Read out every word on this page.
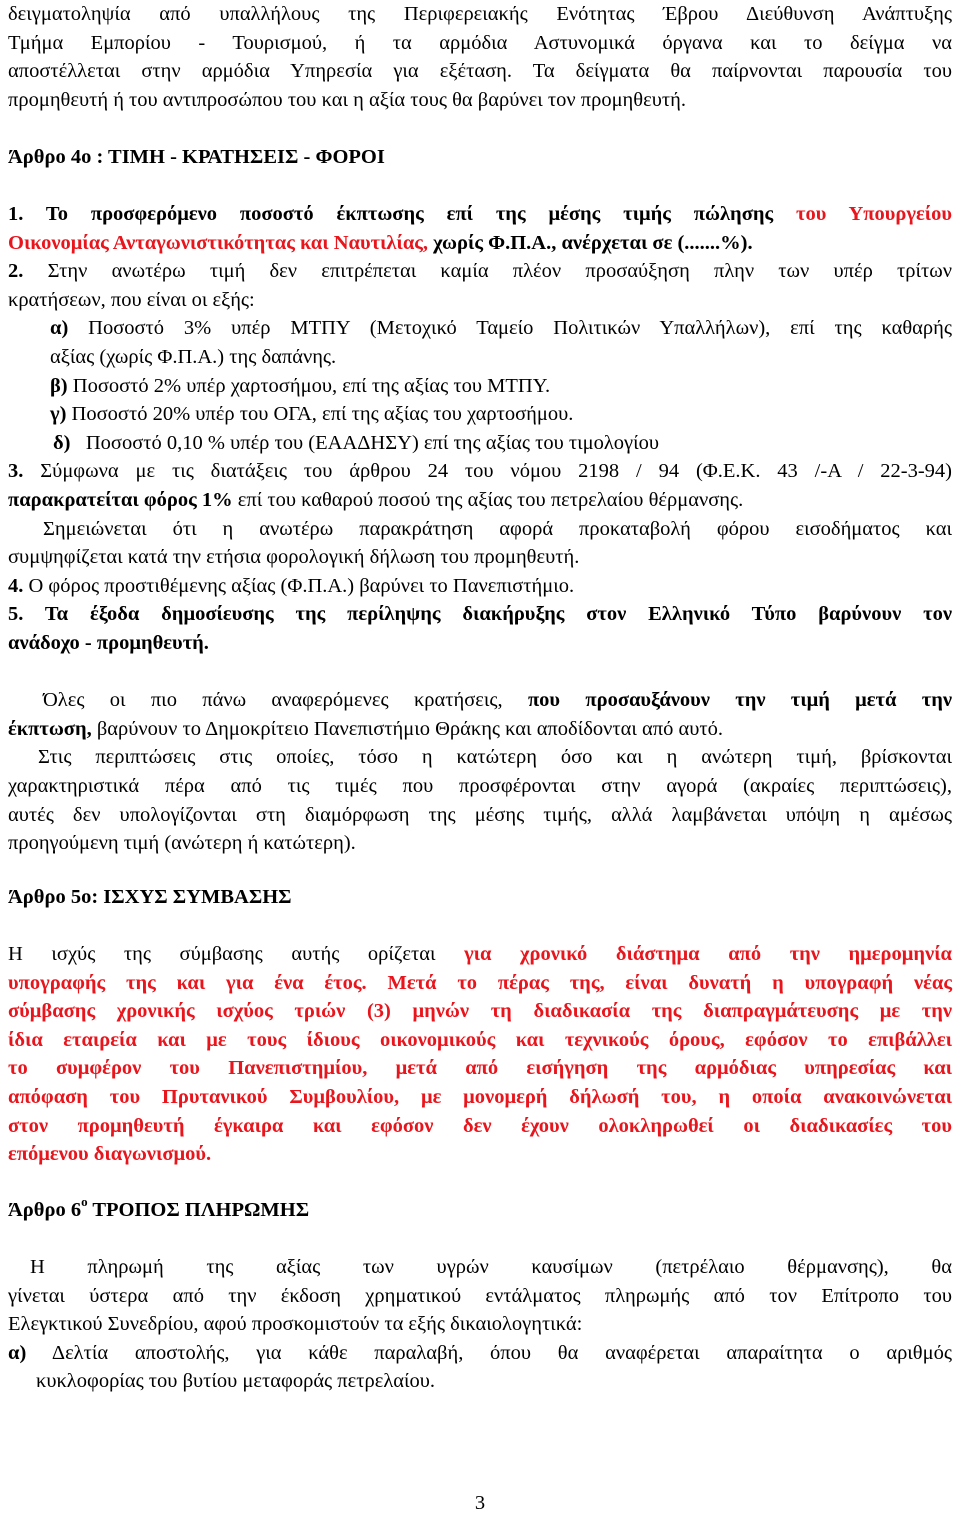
δειγματοληψία από υπαλλήλους της Περιφερειακής Ενότητας Έβρου Διεύθυνση Ανάπτυξης
Τμήμα Εμπορίου - Τουρισμού, ή τα αρμόδια Αστυνομικά όργανα και το δείγμα να
αποστέλλεται στην αρμόδια Υπηρεσία για εξέταση. Τα δείγματα θα παίρνονται παρουσία του
προμηθευτή ή του αντιπροσώπου του και η αξία τους θα βαρύνει τον προμηθευτή.
Άρθρο 4ο : ΤΙΜΗ - ΚΡΑΤΗΣΕΙΣ - ΦΟΡΟΙ
1. Το προσφερόμενο ποσοστό έκπτωσης επί της μέσης τιμής πώλησης του Υπουργείου
Οικονομίας Ανταγωνιστικότητας και Ναυτιλίας, χωρίς Φ.Π.Α., ανέρχεται σε (.......%).
2. Στην ανωτέρω τιμή δεν επιτρέπεται καμία πλέον προσαύξηση πλην των υπέρ τρίτων
κρατήσεων, που είναι οι εξής:
α) Ποσοστό 3% υπέρ ΜΤΠΥ (Μετοχικό Ταμείο Πολιτικών Υπαλλήλων), επί της καθαρής
αξίας (χωρίς Φ.Π.Α.) της δαπάνης.
β) Ποσοστό 2% υπέρ χαρτοσήμου, επί της αξίας του ΜΤΠΥ.
γ) Ποσοστό 20% υπέρ του ΟΓΑ, επί της αξίας του χαρτοσήμου.
δ) Ποσοστό 0,10 % υπέρ του (ΕΑΑΔΗΣΥ) επί της αξίας του τιμολογίου
3. Σύμφωνα με τις διατάξεις του άρθρου 24 του νόμου 2198 / 94 (Φ.Ε.Κ. 43 /-Α / 22-3-94)
παρακρατείται φόρος 1% επί του καθαρού ποσού της αξίας του πετρελαίου θέρμανσης.
Σημειώνεται ότι η ανωτέρω παρακράτηση αφορά προκαταβολή φόρου εισοδήματος και
συμψηφίζεται κατά την ετήσια φορολογική δήλωση του προμηθευτή.
4. Ο φόρος προστιθέμενης αξίας (Φ.Π.Α.) βαρύνει το Πανεπιστήμιο.
5. Τα έξοδα δημοσίευσης της περίληψης διακήρυξης στον Ελληνικό Τύπο βαρύνουν τον
ανάδοχο - προμηθευτή.
Όλες οι πιο πάνω αναφερόμενες κρατήσεις, που προσαυξάνουν την τιμή μετά την
έκπτωση, βαρύνουν το Δημοκρίτειο Πανεπιστήμιο Θράκης και αποδίδονται από αυτό.
Στις περιπτώσεις στις οποίες, τόσο η κατώτερη όσο και η ανώτερη τιμή, βρίσκονται
χαρακτηριστικά πέρα από τις τιμές που προσφέρονται στην αγορά (ακραίες περιπτώσεις),
αυτές δεν υπολογίζονται στη διαμόρφωση της μέσης τιμής, αλλά λαμβάνεται υπόψη η αμέσως
προηγούμενη τιμή (ανώτερη ή κατώτερη).
Άρθρο 5ο: ΙΣΧΥΣ ΣΥΜΒΑΣΗΣ
Η ισχύς της σύμβασης αυτής ορίζεται για χρονικό διάστημα από την ημερομηνία
υπογραφής της και για ένα έτος. Μετά το πέρας της, είναι δυνατή η υπογραφή νέας
σύμβασης χρονικής ισχύος τριών (3) μηνών τη διαδικασία της διαπραγμάτευσης με την
ίδια εταιρεία και με τους ίδιους οικονομικούς και τεχνικούς όρους, εφόσον το επιβάλλει
το συμφέρον του Πανεπιστημίου, μετά από εισήγηση της αρμόδιας υπηρεσίας και
απόφαση του Πρυτανικού Συμβουλίου, με μονομερή δήλωσή του, η οποία ανακοινώνεται
στον προμηθευτή έγκαιρα και εφόσον δεν έχουν ολοκληρωθεί οι διαδικασίες του
επόμενου διαγωνισμού.
Άρθρο $6^o$ ΤΡΟΠΟΣ ΠΛΗΡΩΜΗΣ
Η πληρωμή της αξίας των υγρών καυσίμων (πετρέλαιο θέρμανσης), θα
γίνεται ύστερα από την έκδοση χρηματικού εντάλματος πληρωμής από τον Επίτροπο του
Ελεγκτικού Συνεδρίου, αφού προσκομιστούν τα εξής δικαιολογητικά:
α) Δελτία αποστολής, για κάθε παραλαβή, όπου θα αναφέρεται απαραίτητα ο αριθμός
κυκλοφορίας του βυτίου μεταφοράς πετρελαίου.
3
